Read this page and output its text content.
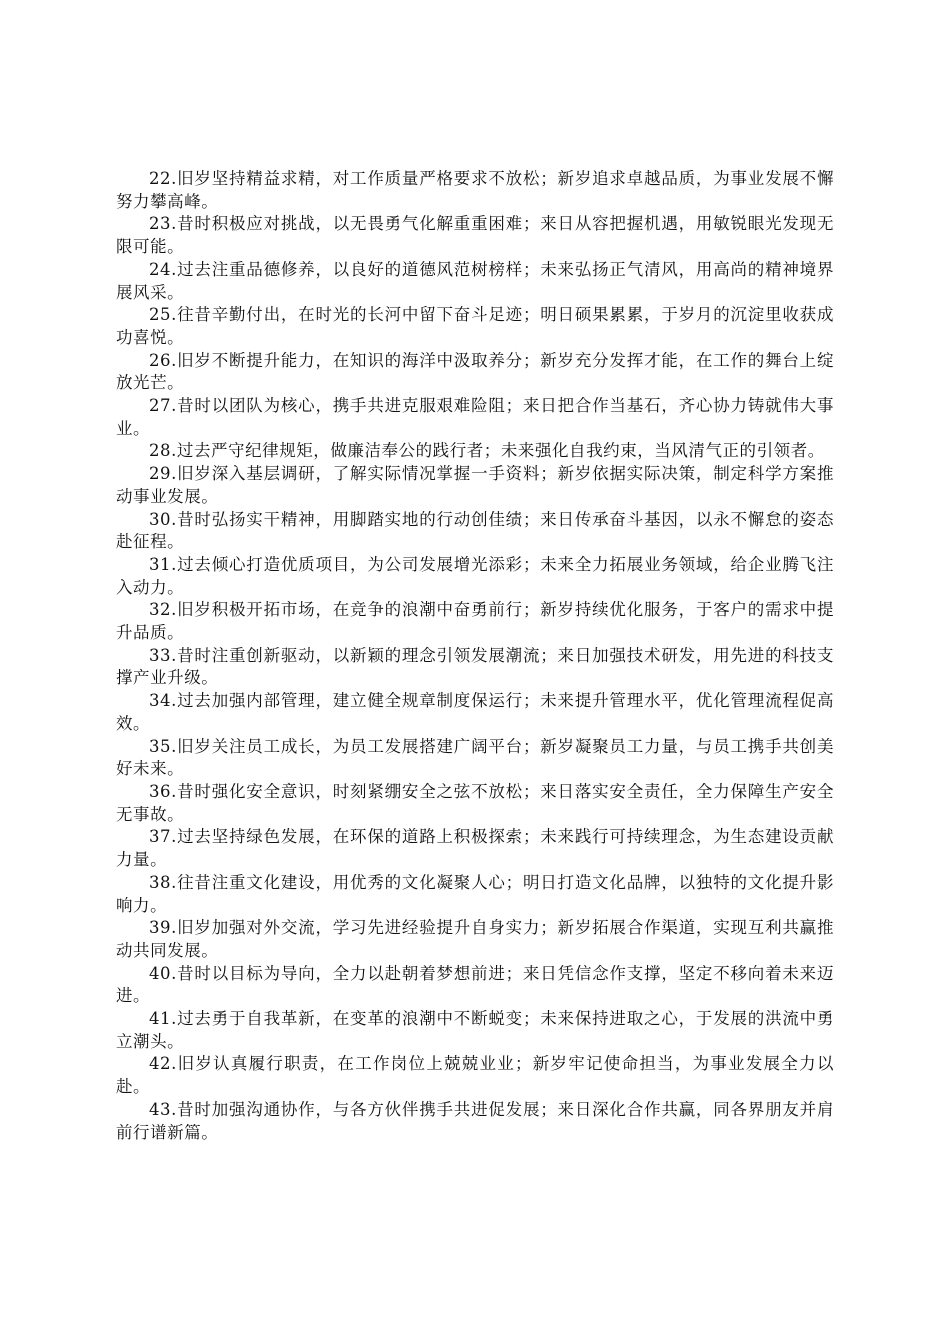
22.旧岁坚持精益求精，对工作质量严格要求不放松；新岁追求卓越品质，为事业发展不懈努力攀高峰。

23.昔时积极应对挑战，以无畏勇气化解重重困难；来日从容把握机遇，用敏锐眼光发现无限可能。

24.过去注重品德修养，以良好的道德风范树榜样；未来弘扬正气清风，用高尚的精神境界展风采。

25.往昔辛勤付出，在时光的长河中留下奋斗足迹；明日硕果累累，于岁月的沉淀里收获成功喜悦。

26.旧岁不断提升能力，在知识的海洋中汲取养分；新岁充分发挥才能，在工作的舞台上绽放光芒。

27.昔时以团队为核心，携手共进克服艰难险阻；来日把合作当基石，齐心协力铸就伟大事业。

28.过去严守纪律规矩，做廉洁奉公的践行者；未来强化自我约束，当风清气正的引领者。

29.旧岁深入基层调研，了解实际情况掌握一手资料；新岁依据实际决策，制定科学方案推动事业发展。

30.昔时弘扬实干精神，用脚踏实地的行动创佳绩；来日传承奋斗基因，以永不懈怠的姿态赴征程。

31.过去倾心打造优质项目，为公司发展增光添彩；未来全力拓展业务领域，给企业腾飞注入动力。

32.旧岁积极开拓市场，在竞争的浪潮中奋勇前行；新岁持续优化服务，于客户的需求中提升品质。

33.昔时注重创新驱动，以新颖的理念引领发展潮流；来日加强技术研发，用先进的科技支撑产业升级。

34.过去加强内部管理，建立健全规章制度保运行；未来提升管理水平，优化管理流程促高效。

35.旧岁关注员工成长，为员工发展搭建广阔平台；新岁凝聚员工力量，与员工携手共创美好未来。

36.昔时强化安全意识，时刻紧绷安全之弦不放松；来日落实安全责任，全力保障生产安全无事故。

37.过去坚持绿色发展，在环保的道路上积极探索；未来践行可持续理念，为生态建设贡献力量。

38.往昔注重文化建设，用优秀的文化凝聚人心；明日打造文化品牌，以独特的文化提升影响力。

39.旧岁加强对外交流，学习先进经验提升自身实力；新岁拓展合作渠道，实现互利共赢推动共同发展。

40.昔时以目标为导向，全力以赴朝着梦想前进；来日凭信念作支撑，坚定不移向着未来迈进。

41.过去勇于自我革新，在变革的浪潮中不断蜕变；未来保持进取之心，于发展的洪流中勇立潮头。

42.旧岁认真履行职责，在工作岗位上兢兢业业；新岁牢记使命担当，为事业发展全力以赴。

43.昔时加强沟通协作，与各方伙伴携手共进促发展；来日深化合作共赢，同各界朋友并肩前行谱新篇。
